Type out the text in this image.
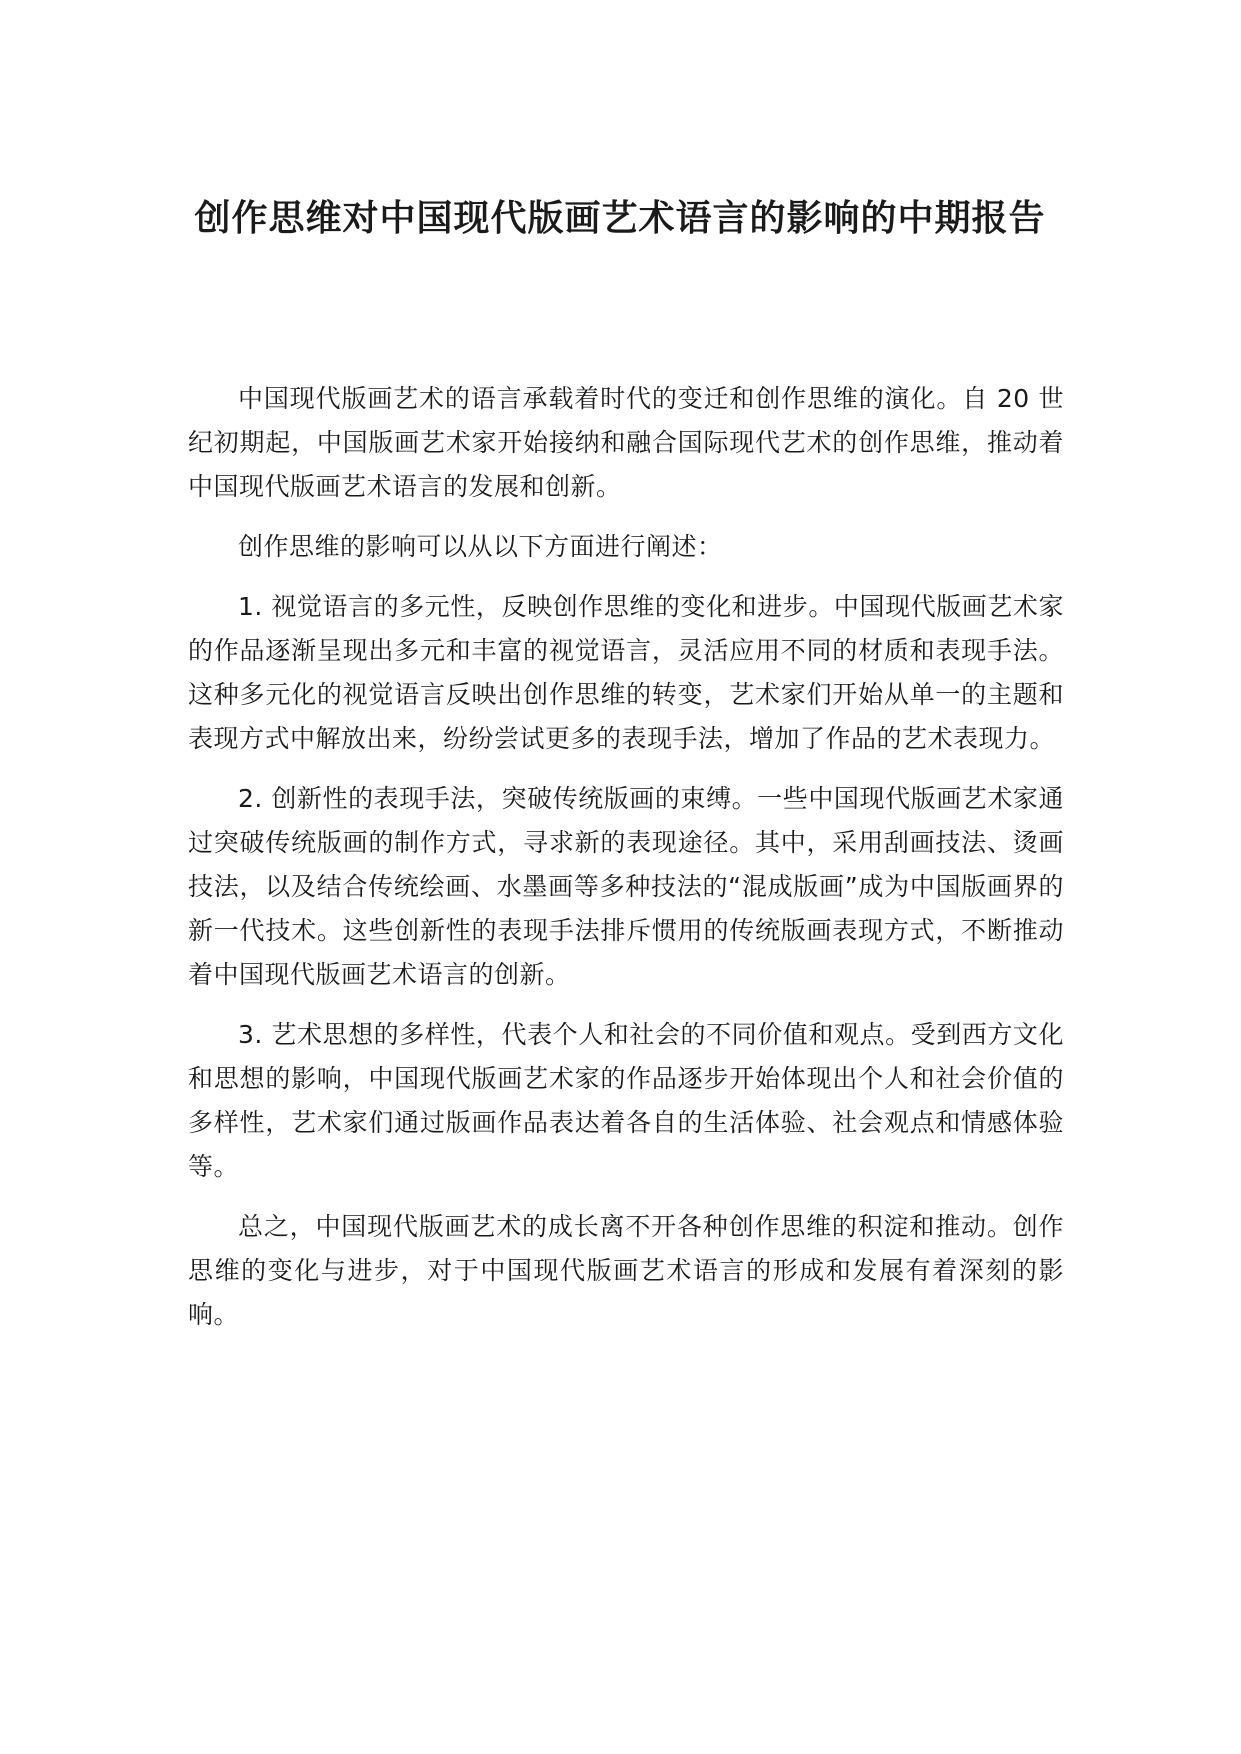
创作思维对中国现代版画艺术语言的影响的中期报告

中国现代版画艺术的语言承载着时代的变迁和创作思维的演化。自 20 世纪初期起，中国版画艺术家开始接纳和融合国际现代艺术的创作思维，推动着中国现代版画艺术语言的发展和创新。

创作思维的影响可以从以下方面进行阐述：

1. 视觉语言的多元性，反映创作思维的变化和进步。中国现代版画艺术家的作品逐渐呈现出多元和丰富的视觉语言，灵活应用不同的材质和表现手法。这种多元化的视觉语言反映出创作思维的转变，艺术家们开始从单一的主题和表现方式中解放出来，纷纷尝试更多的表现手法，增加了作品的艺术表现力。

2. 创新性的表现手法，突破传统版画的束缚。一些中国现代版画艺术家通过突破传统版画的制作方式，寻求新的表现途径。其中，采用刮画技法、烫画技法，以及结合传统绘画、水墨画等多种技法的“混成版画”成为中国版画界的新一代技术。这些创新性的表现手法排斥惯用的传统版画表现方式，不断推动着中国现代版画艺术语言的创新。

3. 艺术思想的多样性，代表个人和社会的不同价值和观点。受到西方文化和思想的影响，中国现代版画艺术家的作品逐步开始体现出个人和社会价值的多样性，艺术家们通过版画作品表达着各自的生活体验、社会观点和情感体验等。

总之，中国现代版画艺术的成长离不开各种创作思维的积淀和推动。创作思维的变化与进步，对于中国现代版画艺术语言的形成和发展有着深刻的影响。
